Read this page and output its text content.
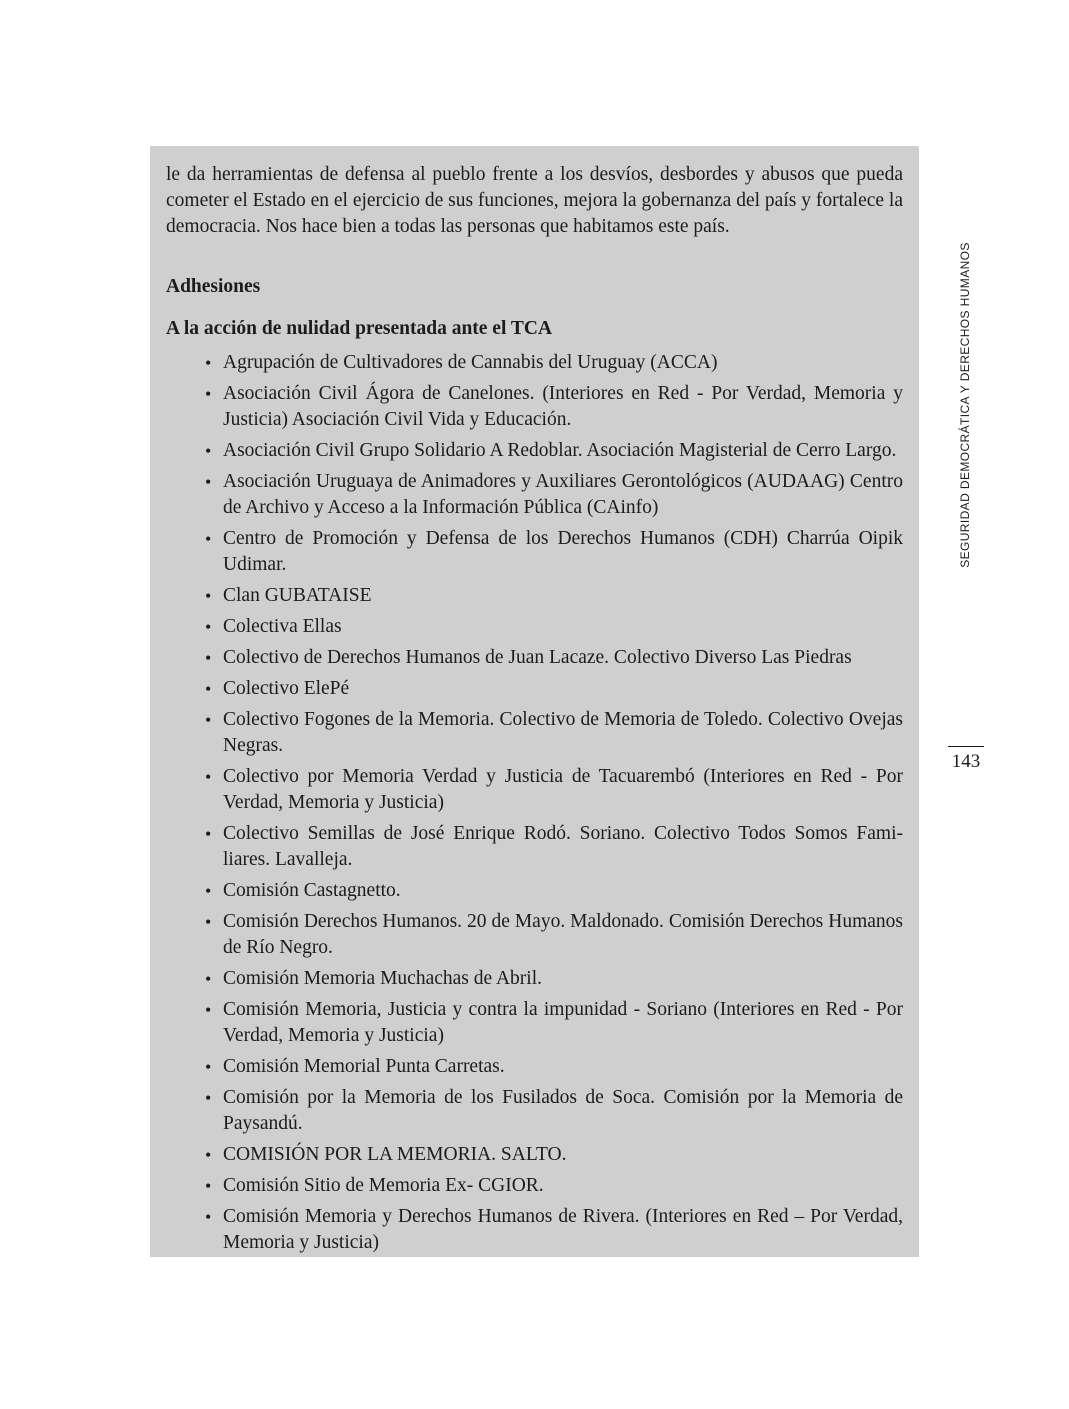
le da herramientas de defensa al pueblo frente a los desvíos, desbordes y abusos que pueda cometer el Estado en el ejercicio de sus funciones, mejora la gobernanza del país y fortalece la democracia. Nos hace bien a todas las personas que habitamos este país.

Adhesiones

A la acción de nulidad presentada ante el TCA

• Agrupación de Cultivadores de Cannabis del Uruguay (ACCA)
• Asociación Civil Ágora de Canelones. (Interiores en Red - Por Verdad, Memoria y Justicia) Asociación Civil Vida y Educación.
• Asociación Civil Grupo Solidario A Redoblar. Asociación Magisterial de Cerro Largo.
• Asociación Uruguaya de Animadores y Auxiliares Gerontológicos (AUDAAG) Centro de Archivo y Acceso a la Información Pública (CAinfo)
• Centro de Promoción y Defensa de los Derechos Humanos (CDH) Charrúa Oipik Udimar.
• Clan GUBATAISE
• Colectiva Ellas
• Colectivo de Derechos Humanos de Juan Lacaze. Colectivo Diverso Las Piedras
• Colectivo ElePé
• Colectivo Fogones de la Memoria. Colectivo de Memoria de Toledo. Colectivo Ovejas Negras.
• Colectivo por Memoria Verdad y Justicia de Tacuarembó (Interiores en Red - Por Verdad, Memoria y Justicia)
• Colectivo Semillas de José Enrique Rodó. Soriano. Colectivo Todos Somos Familiares. Lavalleja.
• Comisión Castagnetto.
• Comisión Derechos Humanos. 20 de Mayo. Maldonado. Comisión Derechos Humanos de Río Negro.
• Comisión Memoria Muchachas de Abril.
• Comisión Memoria, Justicia y contra la impunidad - Soriano (Interiores en Red - Por Verdad, Memoria y Justicia)
• Comisión Memorial Punta Carretas.
• Comisión por la Memoria de los Fusilados de Soca. Comisión por la Memoria de Paysandú.
• COMISIÓN POR LA MEMORIA. SALTO.
• Comisión Sitio de Memoria Ex- CGIOR.
• Comisión Memoria y Derechos Humanos de Rivera. (Interiores en Red – Por Verdad, Memoria y Justicia)
SEGURIDAD DEMOCRÁTICA Y DERECHOS HUMANOS
143
